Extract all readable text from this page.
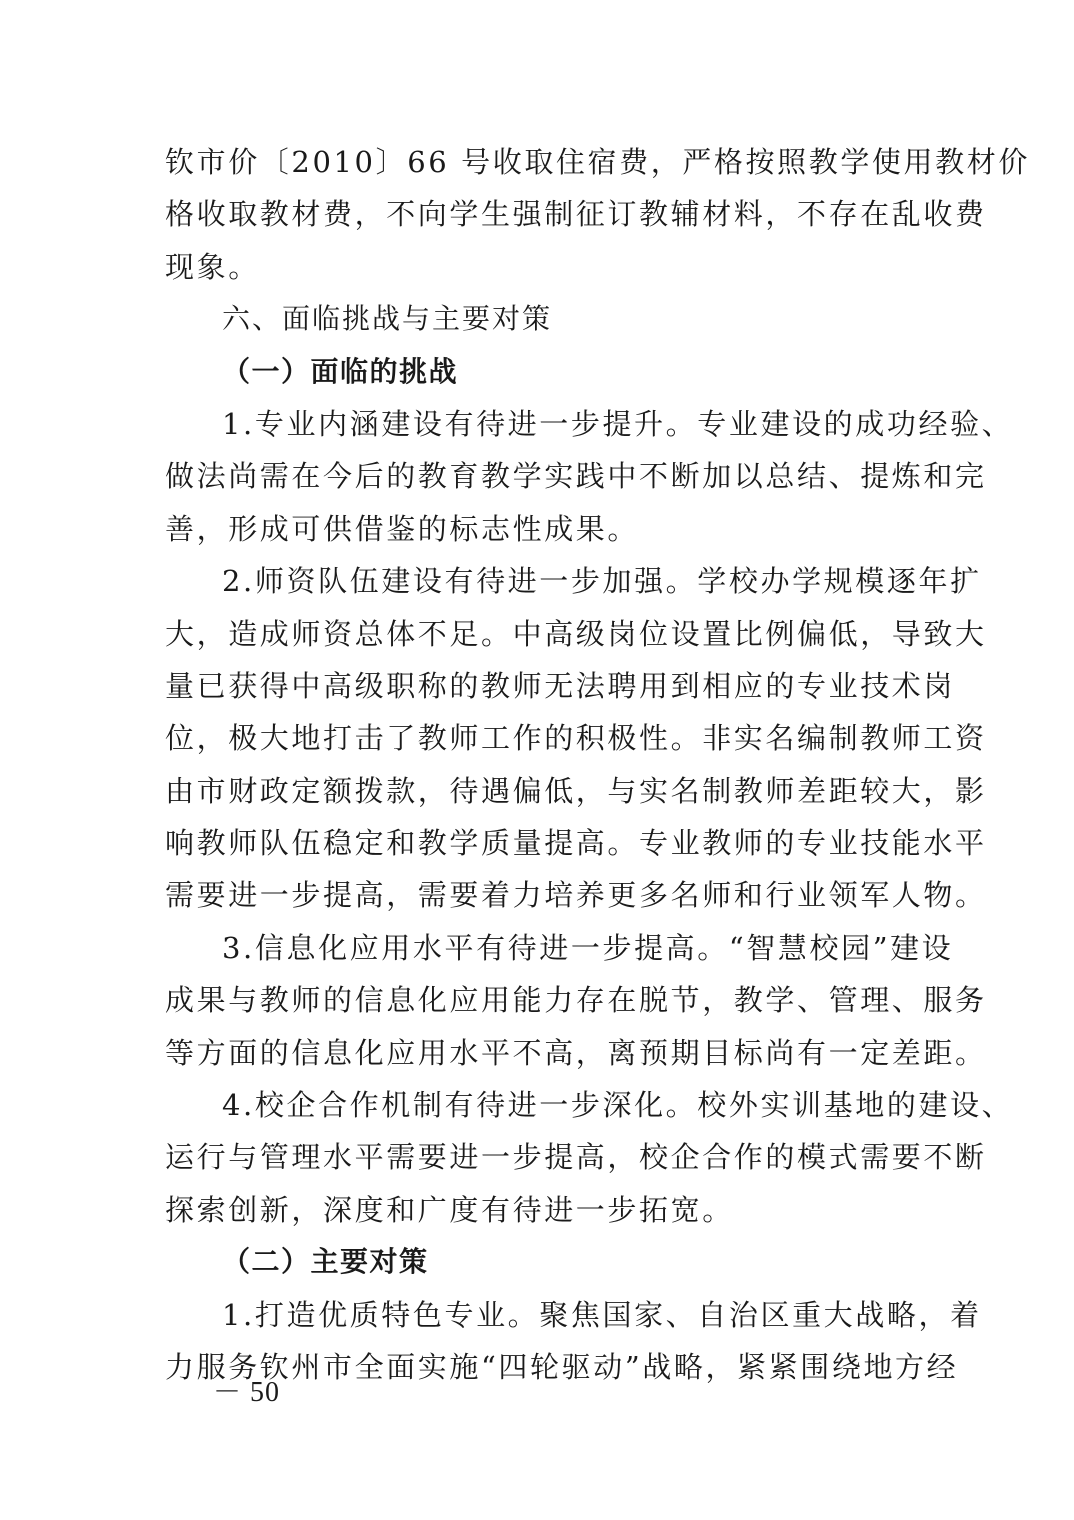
钦市价〔2010〕66 号收取住宿费，严格按照教学使用教材价
格收取教材费，不向学生强制征订教辅材料，不存在乱收费
现象。
六、面临挑战与主要对策
（一）面临的挑战
1.专业内涵建设有待进一步提升。专业建设的成功经验、
做法尚需在今后的教育教学实践中不断加以总结、提炼和完
善，形成可供借鉴的标志性成果。
2.师资队伍建设有待进一步加强。学校办学规模逐年扩
大，造成师资总体不足。中高级岗位设置比例偏低，导致大
量已获得中高级职称的教师无法聘用到相应的专业技术岗
位，极大地打击了教师工作的积极性。非实名编制教师工资
由市财政定额拨款，待遇偏低，与实名制教师差距较大，影
响教师队伍稳定和教学质量提高。专业教师的专业技能水平
需要进一步提高，需要着力培养更多名师和行业领军人物。
3.信息化应用水平有待进一步提高。“智慧校园”建设
成果与教师的信息化应用能力存在脱节，教学、管理、服务
等方面的信息化应用水平不高，离预期目标尚有一定差距。
4.校企合作机制有待进一步深化。校外实训基地的建设、
运行与管理水平需要进一步提高，校企合作的模式需要不断
探索创新，深度和广度有待进一步拓宽。
（二）主要对策
1.打造优质特色专业。聚焦国家、自治区重大战略，着
力服务钦州市全面实施“四轮驱动”战略，紧紧围绕地方经
－ 50
